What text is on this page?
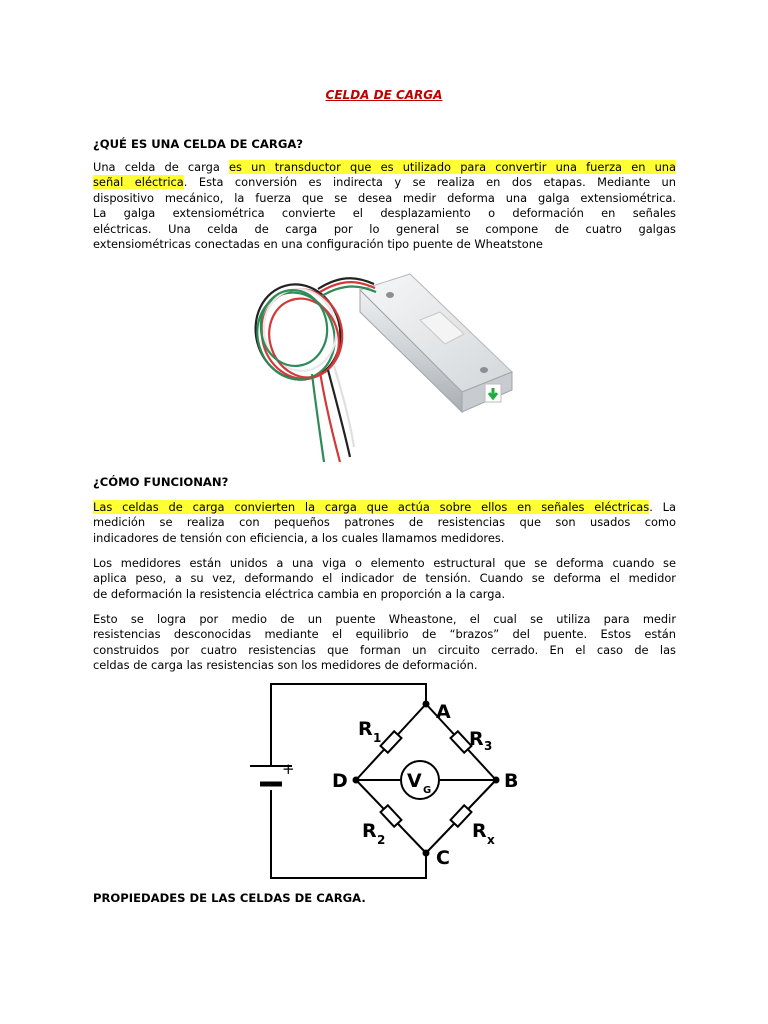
CELDA DE CARGA
¿QUÉ ES UNA CELDA DE CARGA?
Una celda de carga es un transductor que es utilizado para convertir una fuerza en una
señal eléctrica. Esta conversión es indirecta y se realiza en dos etapas. Mediante un
dispositivo mecánico, la fuerza que se desea medir deforma una galga extensiométrica.
La galga extensiométrica convierte el desplazamiento o deformación en señales
eléctricas. Una celda de carga por lo general se compone de cuatro galgas
extensiométricas conectadas en una configuración tipo puente de Wheatstone
¿CÓMO FUNCIONAN?
Las celdas de carga convierten la carga que actúa sobre ellos en señales eléctricas. La
medición se realiza con pequeños patrones de resistencias que son usados como
indicadores de tensión con eficiencia, a los cuales llamamos medidores.
Los medidores están unidos a una viga o elemento estructural que se deforma cuando se
aplica peso, a su vez, deformando el indicador de tensión. Cuando se deforma el medidor
de deformación la resistencia eléctrica cambia en proporción a la carga.
Esto se logra por medio de un puente Wheastone, el cual se utiliza para medir
resistencias desconocidas mediante el equilibrio de “brazos” del puente. Estos están
construidos por cuatro resistencias que forman un circuito cerrado. En el caso de las
celdas de carga las resistencias son los medidores de deformación.
A
B
C
D
R 1	R 3
R 2	R x
V G
+
PROPIEDADES DE LAS CELDAS DE CARGA.
